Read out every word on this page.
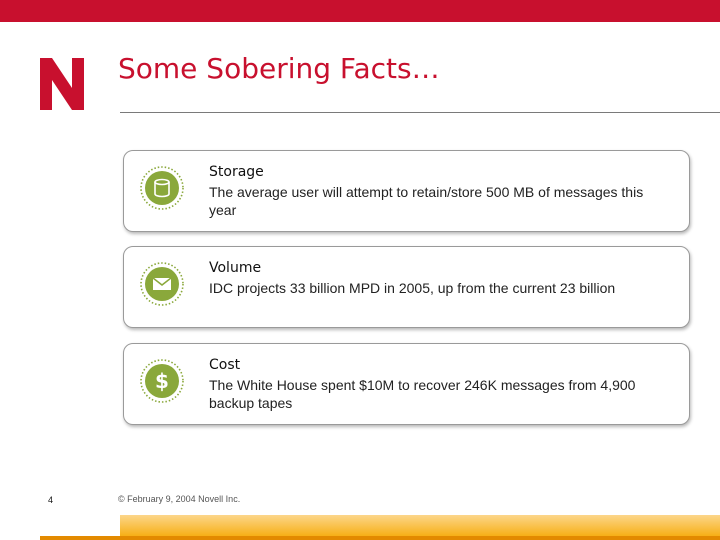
Some Sobering Facts…
Storage
The average user will attempt to retain/store 500 MB of messages this year
Volume
IDC projects 33 billion MPD in 2005, up from the current 23 billion
$
Cost
The White House spent $10M to recover 246K messages from 4,900 backup tapes
4	© February 9, 2004 Novell Inc.
